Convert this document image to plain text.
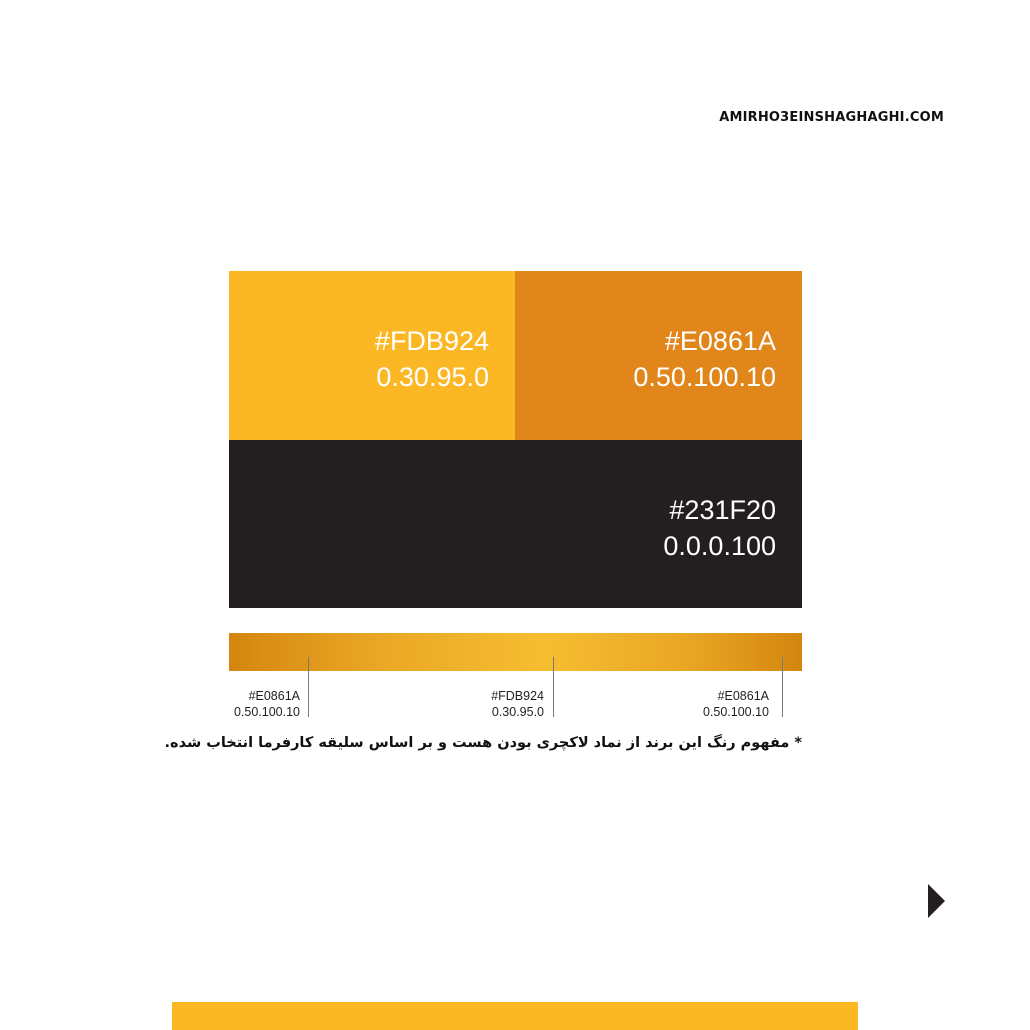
AMIRHO3EINSHAGHAGHI.COM
#FDB924
0.30.95.0
#E0861A
0.50.100.10
#231F20
0.0.0.100
#E0861A
0.50.100.10
#FDB924
0.30.95.0
#E0861A
0.50.100.10
* مفهوم رنگ این برند از نماد لاکچری بودن هست و بر اساس سلیقه کارفرما انتخاب شده.
